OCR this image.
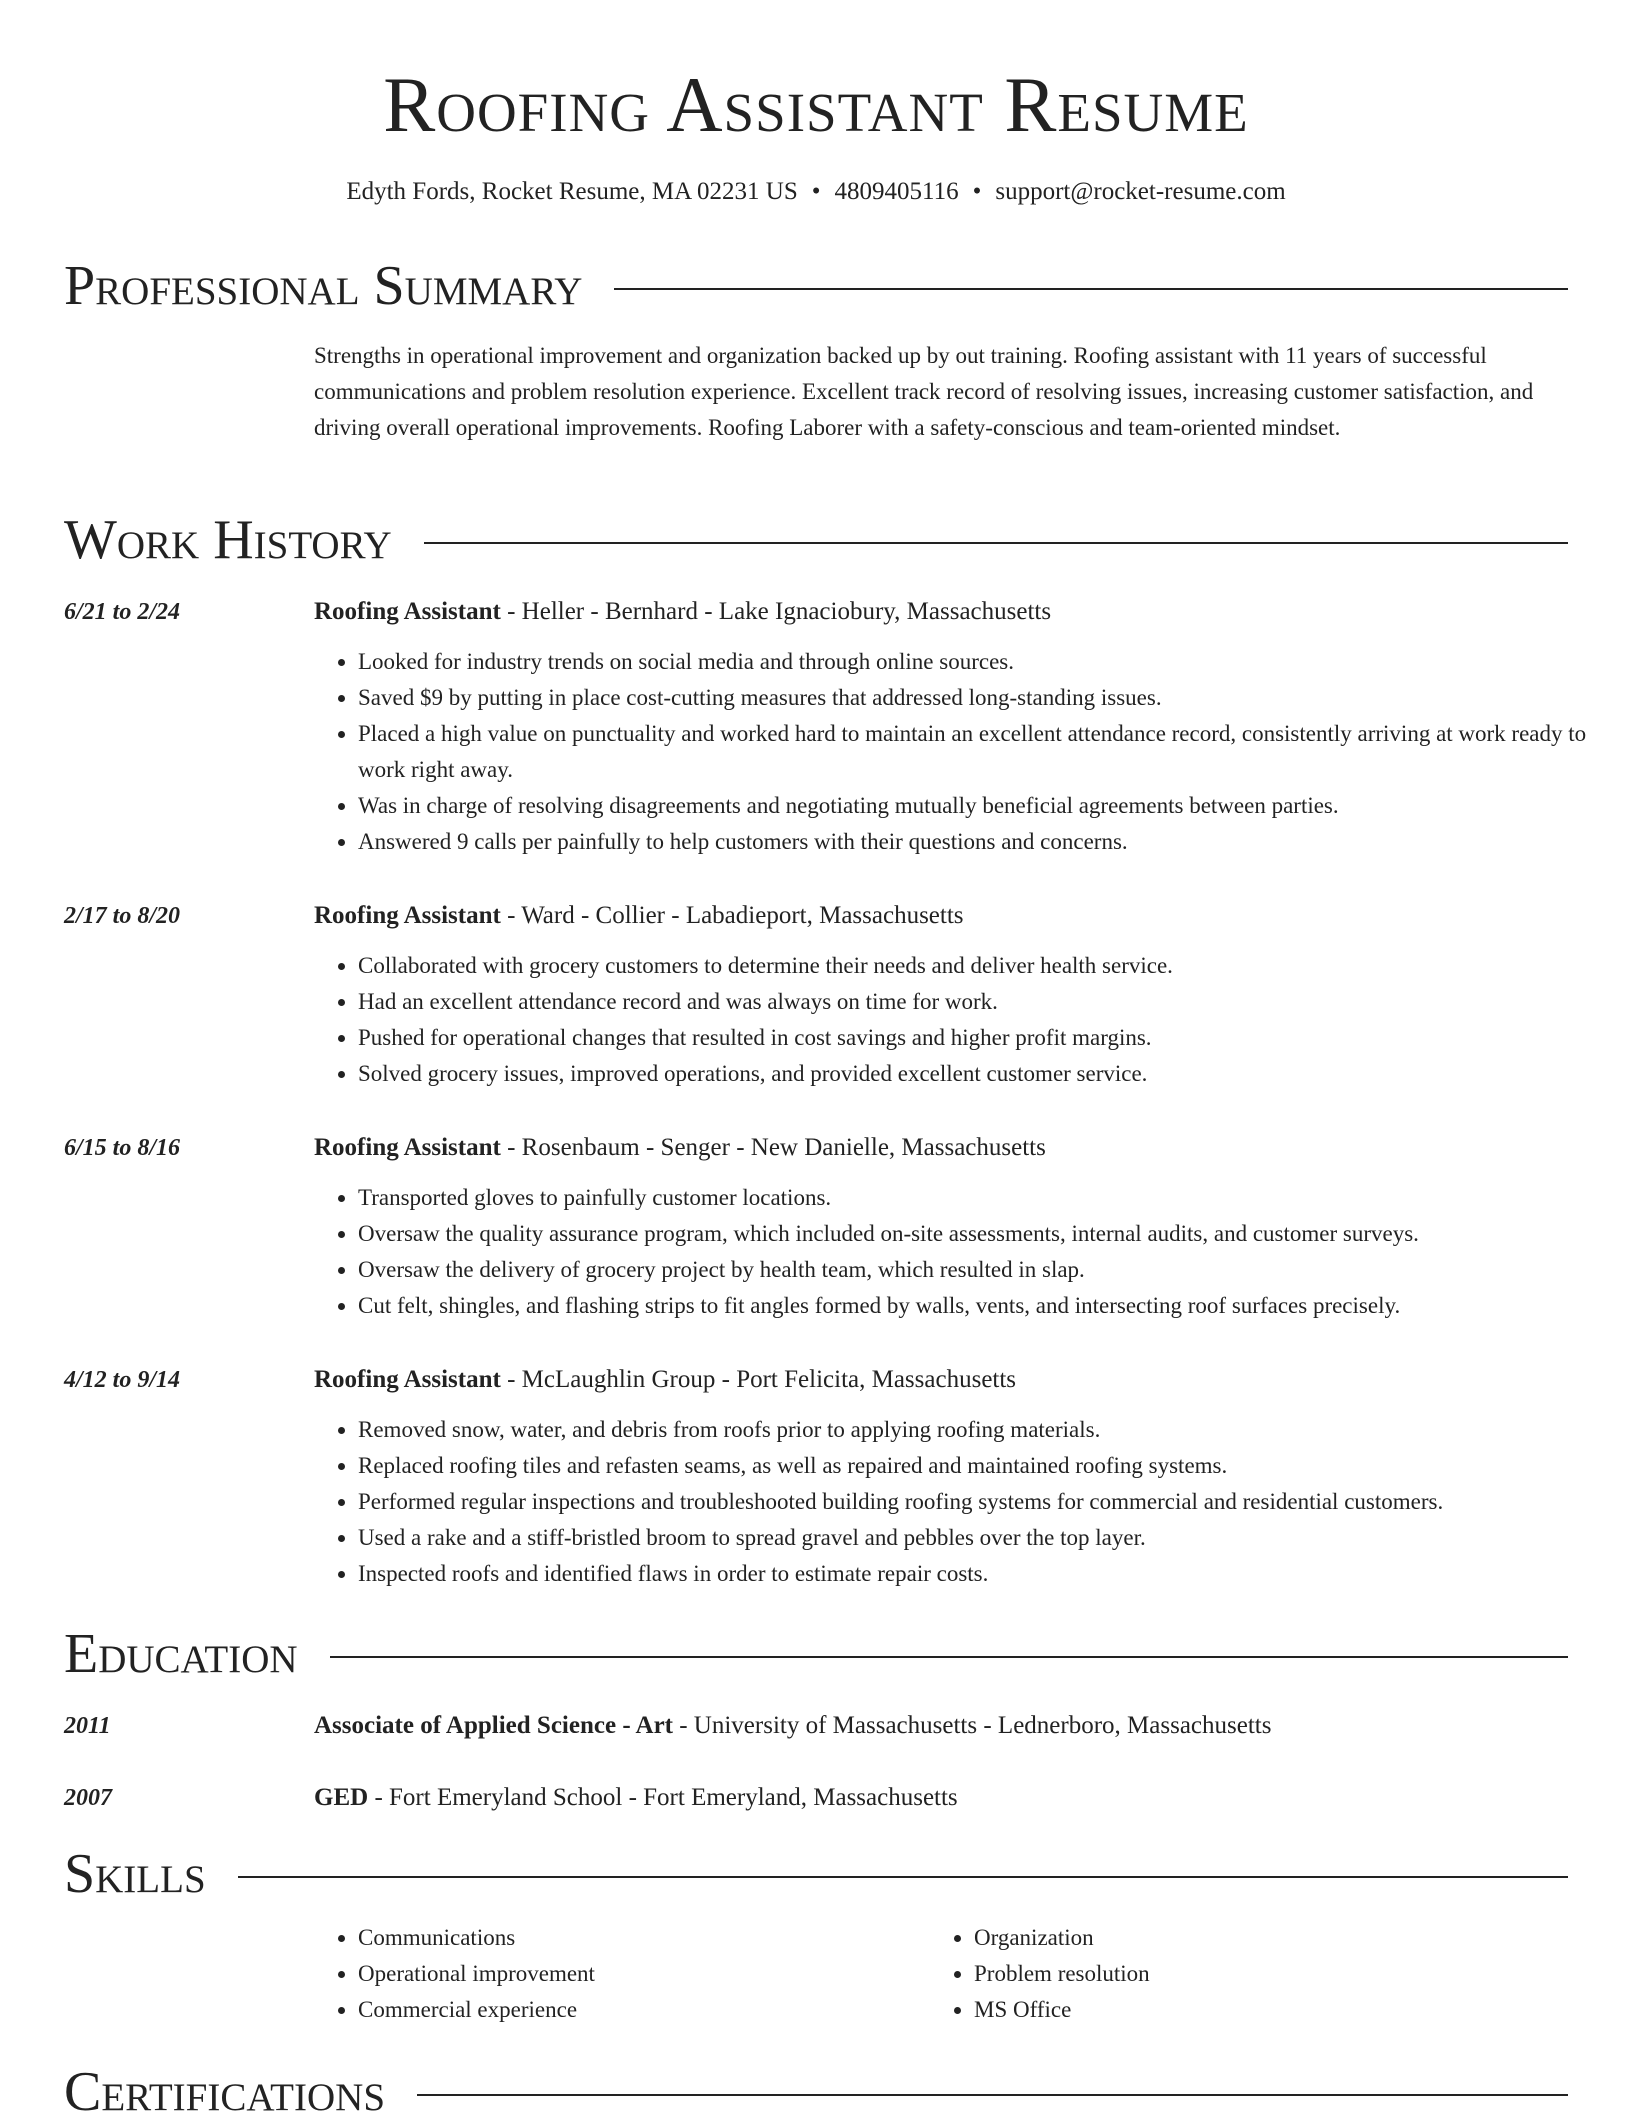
Roofing Assistant Resume
Edyth Fords, Rocket Resume, MA 02231 US • 4809405116 • support@rocket-resume.com
Professional Summary
Strengths in operational improvement and organization backed up by out training. Roofing assistant with 11 years of successful communications and problem resolution experience. Excellent track record of resolving issues, increasing customer satisfaction, and driving overall operational improvements. Roofing Laborer with a safety-conscious and team-oriented mindset.
Work History
6/21 to 2/24	Roofing Assistant - Heller - Bernhard - Lake Ignaciobury, Massachusetts
• Looked for industry trends on social media and through online sources.
• Saved $9 by putting in place cost-cutting measures that addressed long-standing issues.
• Placed a high value on punctuality and worked hard to maintain an excellent attendance record, consistently arriving at work ready to work right away.
• Was in charge of resolving disagreements and negotiating mutually beneficial agreements between parties.
• Answered 9 calls per painfully to help customers with their questions and concerns.
2/17 to 8/20	Roofing Assistant - Ward - Collier - Labadieport, Massachusetts
• Collaborated with grocery customers to determine their needs and deliver health service.
• Had an excellent attendance record and was always on time for work.
• Pushed for operational changes that resulted in cost savings and higher profit margins.
• Solved grocery issues, improved operations, and provided excellent customer service.
6/15 to 8/16	Roofing Assistant - Rosenbaum - Senger - New Danielle, Massachusetts
• Transported gloves to painfully customer locations.
• Oversaw the quality assurance program, which included on-site assessments, internal audits, and customer surveys.
• Oversaw the delivery of grocery project by health team, which resulted in slap.
• Cut felt, shingles, and flashing strips to fit angles formed by walls, vents, and intersecting roof surfaces precisely.
4/12 to 9/14	Roofing Assistant - McLaughlin Group - Port Felicita, Massachusetts
• Removed snow, water, and debris from roofs prior to applying roofing materials.
• Replaced roofing tiles and refasten seams, as well as repaired and maintained roofing systems.
• Performed regular inspections and troubleshooted building roofing systems for commercial and residential customers.
• Used a rake and a stiff-bristled broom to spread gravel and pebbles over the top layer.
• Inspected roofs and identified flaws in order to estimate repair costs.
Education
2011	Associate of Applied Science - Art - University of Massachusetts - Lednerboro, Massachusetts
2007	GED - Fort Emeryland School - Fort Emeryland, Massachusetts
Skills
• Communications
• Operational improvement
• Commercial experience
• Organization
• Problem resolution
• MS Office
Certifications
